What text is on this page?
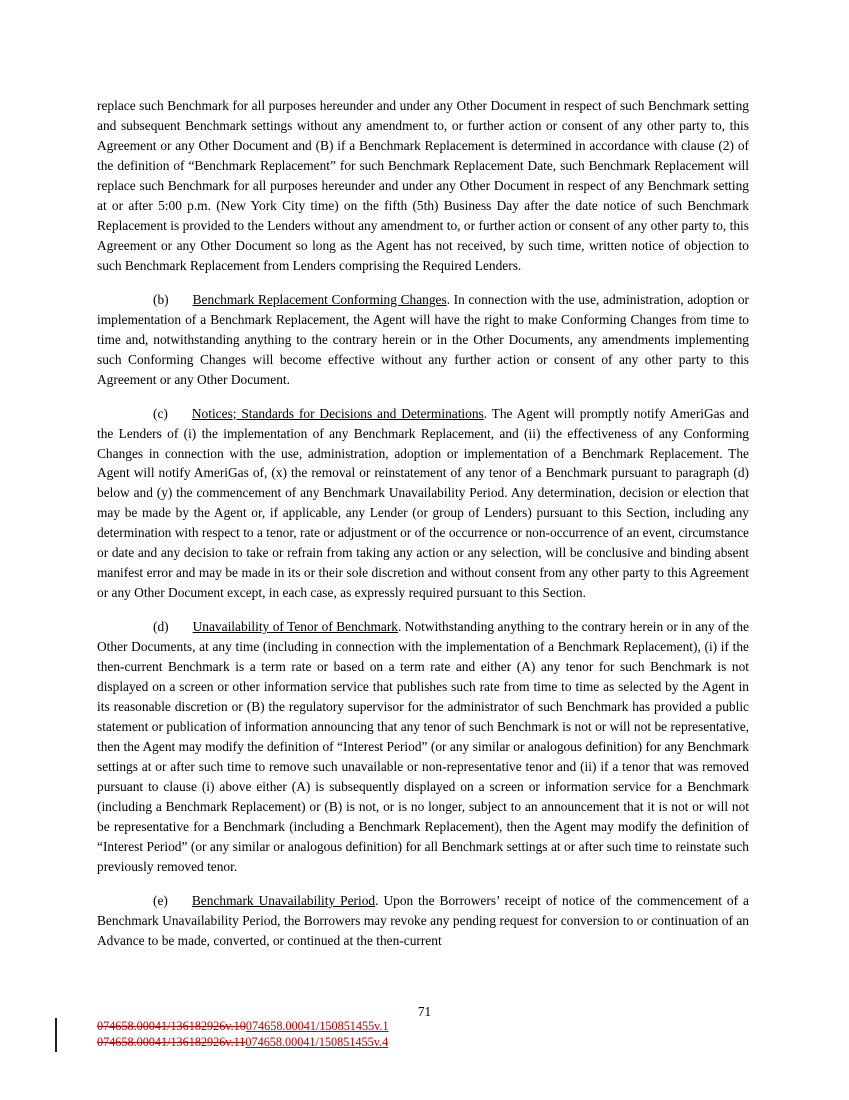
replace such Benchmark for all purposes hereunder and under any Other Document in respect of such Benchmark setting and subsequent Benchmark settings without any amendment to, or further action or consent of any other party to, this Agreement or any Other Document and (B) if a Benchmark Replacement is determined in accordance with clause (2) of the definition of “Benchmark Replacement” for such Benchmark Replacement Date, such Benchmark Replacement will replace such Benchmark for all purposes hereunder and under any Other Document in respect of any Benchmark setting at or after 5:00 p.m. (New York City time) on the fifth (5th) Business Day after the date notice of such Benchmark Replacement is provided to the Lenders without any amendment to, or further action or consent of any other party to, this Agreement or any Other Document so long as the Agent has not received, by such time, written notice of objection to such Benchmark Replacement from Lenders comprising the Required Lenders.

(b) Benchmark Replacement Conforming Changes. In connection with the use, administration, adoption or implementation of a Benchmark Replacement, the Agent will have the right to make Conforming Changes from time to time and, notwithstanding anything to the contrary herein or in the Other Documents, any amendments implementing such Conforming Changes will become effective without any further action or consent of any other party to this Agreement or any Other Document.

(c) Notices; Standards for Decisions and Determinations. The Agent will promptly notify AmeriGas and the Lenders of (i) the implementation of any Benchmark Replacement, and (ii) the effectiveness of any Conforming Changes in connection with the use, administration, adoption or implementation of a Benchmark Replacement. The Agent will notify AmeriGas of, (x) the removal or reinstatement of any tenor of a Benchmark pursuant to paragraph (d) below and (y) the commencement of any Benchmark Unavailability Period. Any determination, decision or election that may be made by the Agent or, if applicable, any Lender (or group of Lenders) pursuant to this Section, including any determination with respect to a tenor, rate or adjustment or of the occurrence or non-occurrence of an event, circumstance or date and any decision to take or refrain from taking any action or any selection, will be conclusive and binding absent manifest error and may be made in its or their sole discretion and without consent from any other party to this Agreement or any Other Document except, in each case, as expressly required pursuant to this Section.

(d) Unavailability of Tenor of Benchmark. Notwithstanding anything to the contrary herein or in any of the Other Documents, at any time (including in connection with the implementation of a Benchmark Replacement), (i) if the then-current Benchmark is a term rate or based on a term rate and either (A) any tenor for such Benchmark is not displayed on a screen or other information service that publishes such rate from time to time as selected by the Agent in its reasonable discretion or (B) the regulatory supervisor for the administrator of such Benchmark has provided a public statement or publication of information announcing that any tenor of such Benchmark is not or will not be representative, then the Agent may modify the definition of “Interest Period” (or any similar or analogous definition) for any Benchmark settings at or after such time to remove such unavailable or non-representative tenor and (ii) if a tenor that was removed pursuant to clause (i) above either (A) is subsequently displayed on a screen or information service for a Benchmark (including a Benchmark Replacement) or (B) is not, or is no longer, subject to an announcement that it is not or will not be representative for a Benchmark (including a Benchmark Replacement), then the Agent may modify the definition of “Interest Period” (or any similar or analogous definition) for all Benchmark settings at or after such time to reinstate such previously removed tenor.

(e) Benchmark Unavailability Period. Upon the Borrowers’ receipt of notice of the commencement of a Benchmark Unavailability Period, the Borrowers may revoke any pending request for conversion to or continuation of an Advance to be made, converted, or continued at the then-current

71
074658.00041/136182926v.10074658.00041/150851455v.1
074658.00041/136182926v.11074658.00041/150851455v.4
